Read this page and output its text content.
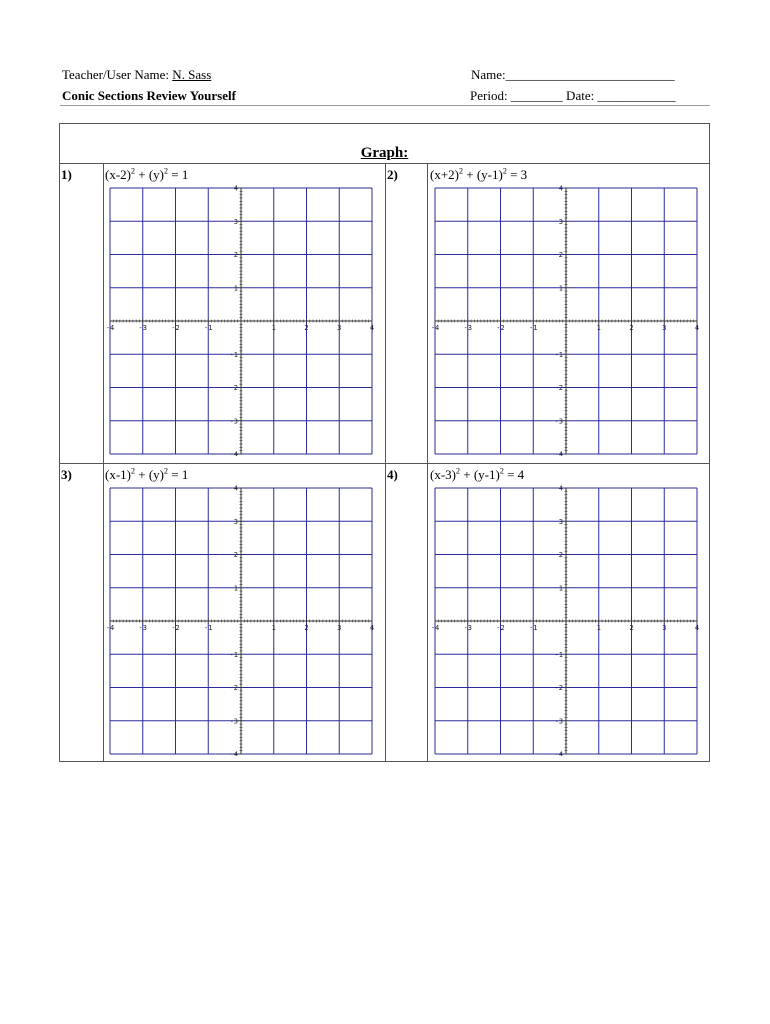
Teacher/User Name: N. Sass
Conic Sections Review Yourself
Name:__________________________
Period: ________ Date: ____________
Graph:
1)	$(x-2)^2 + (y)^2 = 1$
-4	-3	-2	-1	1	2	3	4
4
3
2
1
-1
-2
-3
-4
2) $(x+2)^2 + (y-1)^2 = 3$
-4	-3	-2	-1	1	2	3	4
4
3
2
1
-1
-2
-3
-4
3)	$(x-1)^2 + (y)^2 = 1$
-4	-3	-2	-1	1	2	3	4
4
3
2
1
-1
-2
-3
-4
4) $(x-3)^2 + (y-1)^2 = 4$
-4	-3	-2	-1	1	2	3	4
4
3
2
1
-1
-2
-3
-4
